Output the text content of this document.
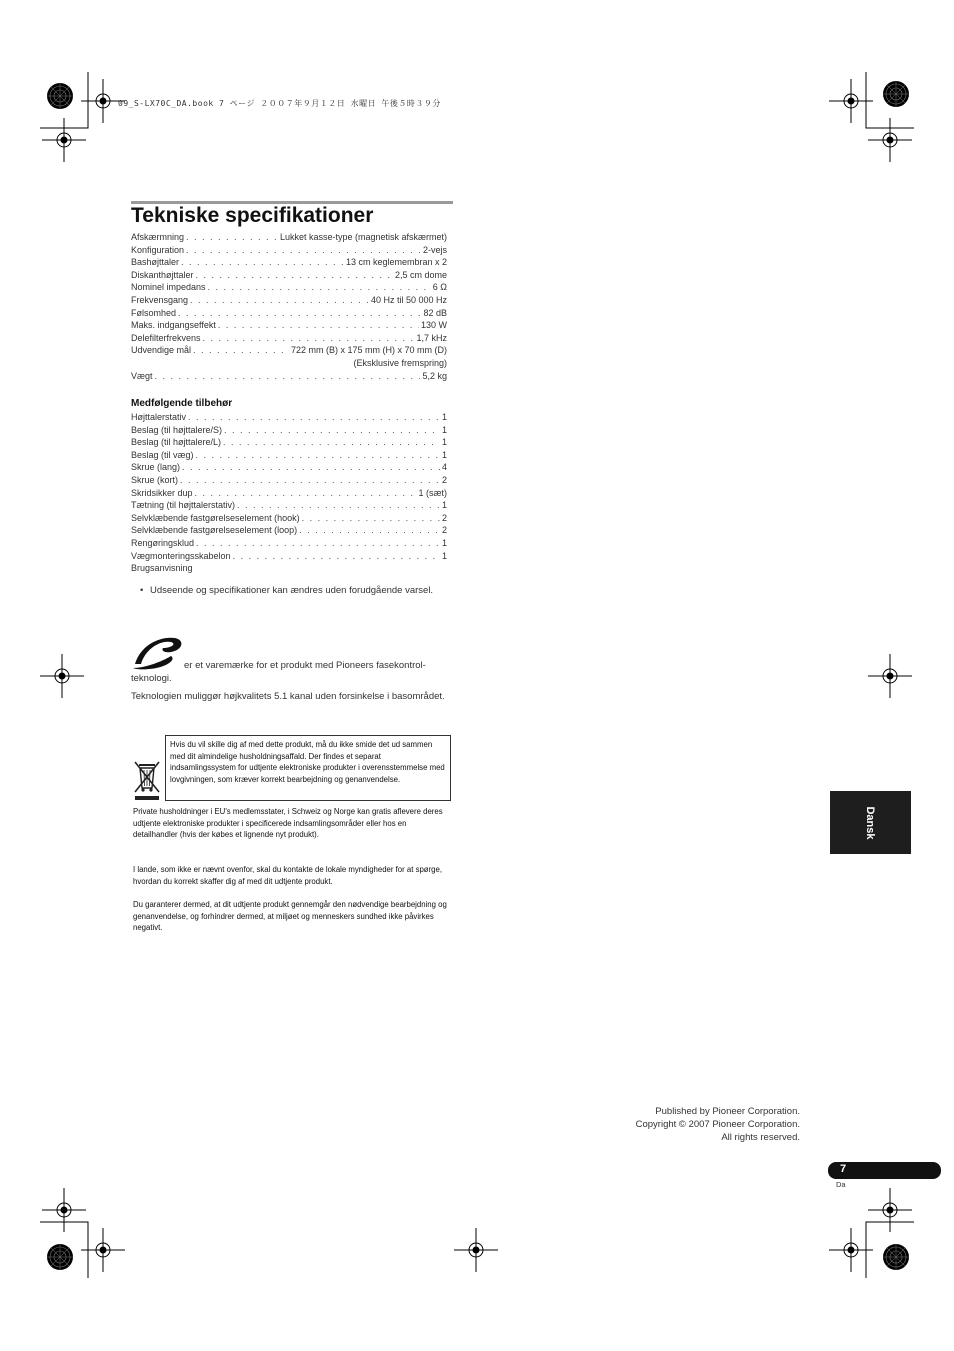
09_S-LX70C_DA.book 7 ページ ２００７年９月１２日 水曜日 午後５時３９分
Tekniske specifikationer
Afskærmning . . .	Lukket kasse-type (magnetisk afskærmet)
Konfiguration . . .	2-vejs
Bashøjttaler . . .	13 cm keglemembran x 2
Diskanthøjttaler . . .	2,5 cm dome
Nominel impedans . . .	6 Ω
Frekvensgang . . .	40 Hz til 50 000 Hz
Følsomhed . . .	82 dB
Maks. indgangseffekt . . .	130 W
Delefilterfrekvens . . .	1,7 kHz
Udvendige mål . . .	722 mm (B) x 175 mm (H) x 70 mm (D)
(Eksklusive fremspring)
Vægt . . .	5,2 kg
Medfølgende tilbehør
Højttalerstativ . . .	1
Beslag (til højttalere/S) . . .	1
Beslag (til højttalere/L) . . .	1
Beslag (til væg) . . .	1
Skrue (lang) . . .	4
Skrue (kort) . . .	2
Skridsikker dup . . .	1 (sæt)
Tætning (til højttalerstativ) . . .	1
Selvklæbende fastgørelseselement (hook) . . .	2
Selvklæbende fastgørelseselement (loop) . . .	2
Rengøringsklud . . .	1
Vægmonteringsskabelon . . .	1
Brugsanvisning
• Udseende og specifikationer kan ændres uden forudgående varsel.
er et varemærke for et produkt med Pioneers fasekontrol-teknologi.
Teknologien muliggør højkvalitets 5.1 kanal uden forsinkelse i basområdet.
Hvis du vil skille dig af med dette produkt, må du ikke smide det ud sammen med dit almindelige husholdningsaffald. Der findes et separat indsamlingssystem for udtjente elektroniske produkter i overensstemmelse med lovgivningen, som kræver korrekt bearbejdning og genanvendelse.
Private husholdninger i EU's medlemsstater, i Schweiz og Norge kan gratis aflevere deres udtjente elektroniske produkter i specificerede indsamlingsområder eller hos en detailhandler (hvis der købes et lignende nyt produkt).
I lande, som ikke er nævnt ovenfor, skal du kontakte de lokale myndigheder for at spørge, hvordan du korrekt skaffer dig af med dit udtjente produkt.
Du garanterer dermed, at dit udtjente produkt gennemgår den nødvendige bearbejdning og genanvendelse, og forhindrer dermed, at miljøet og menneskers sundhed ikke påvirkes negativt.
Dansk
Published by Pioneer Corporation.
Copyright © 2007 Pioneer Corporation.
All rights reserved.
7
Da
